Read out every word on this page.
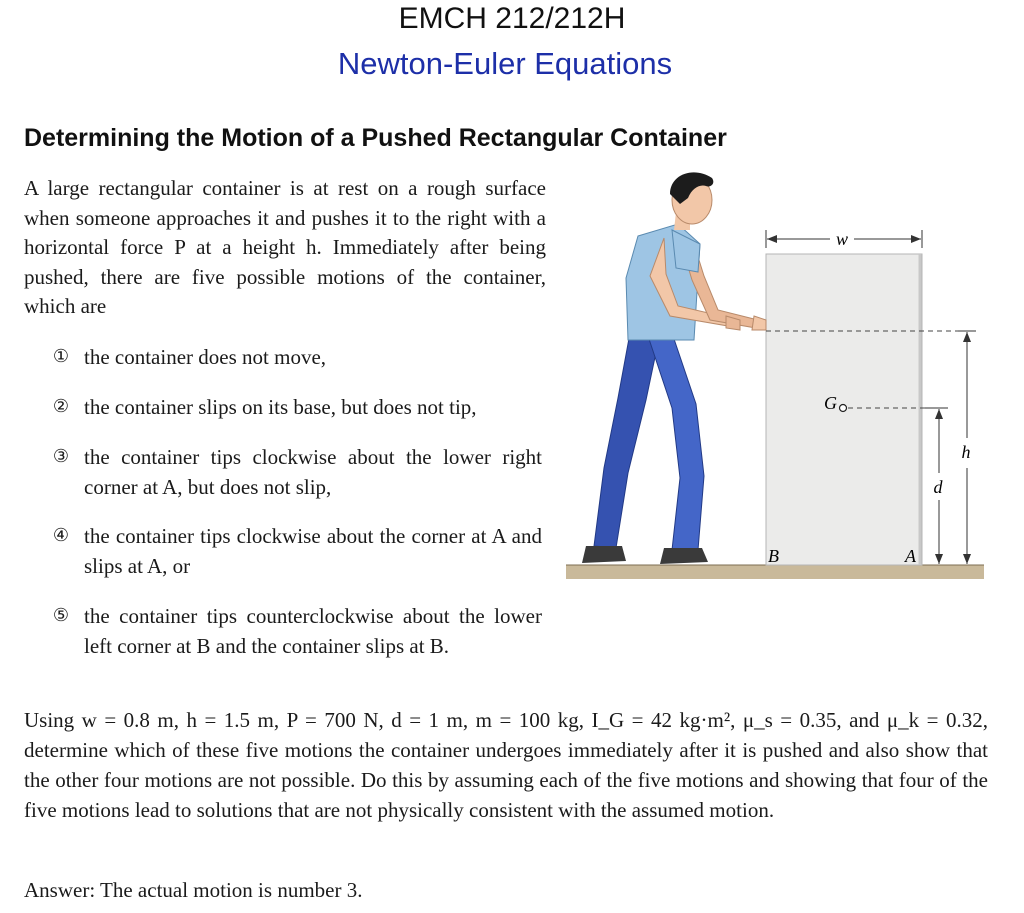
EMCH 212/212H
Newton-Euler Equations
Determining the Motion of a Pushed Rectangular Container
A large rectangular container is at rest on a rough surface when someone approaches it and pushes it to the right with a horizontal force P at a height h. Immediately after being pushed, there are five possible motions of the container, which are
① the container does not move,
② the container slips on its base, but does not tip,
③ the container tips clockwise about the lower right corner at A, but does not slip,
④ the container tips clockwise about the corner at A and slips at A, or
⑤ the container tips counterclockwise about the lower left corner at B and the container slips at B.
Using w = 0.8 m, h = 1.5 m, P = 700 N, d = 1 m, m = 100 kg, I_G = 42 kg·m², μ_s = 0.35, and μ_k = 0.32, determine which of these five motions the container undergoes immediately after it is pushed and also show that the other four motions are not possible. Do this by assuming each of the five motions and showing that four of the five motions lead to solutions that are not physically consistent with the assumed motion.
Answer: The actual motion is number 3.
w
h
G
d
B	A
